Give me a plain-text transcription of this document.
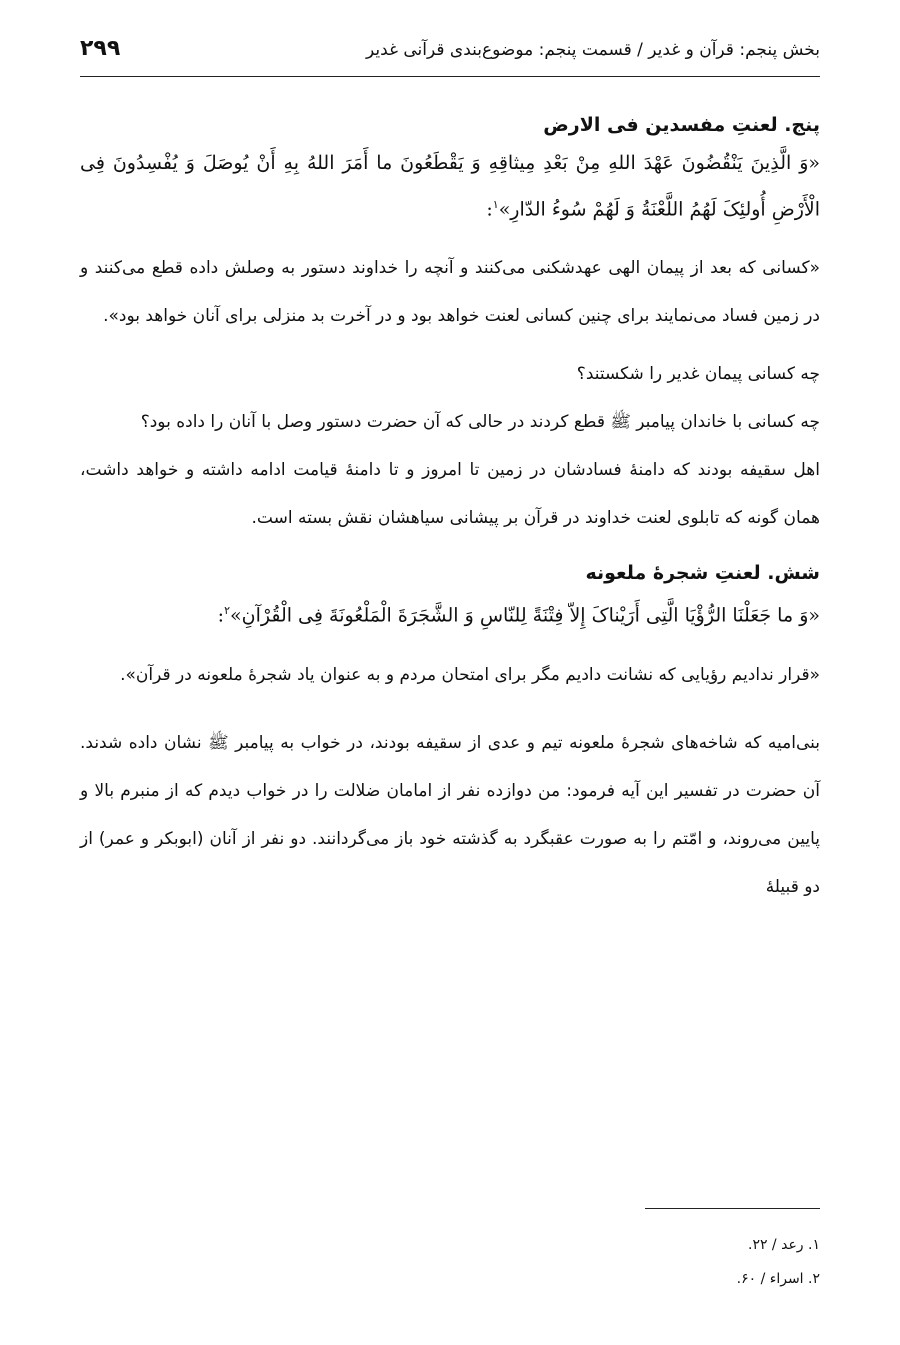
بخش پنجم: قرآن و غدیر / قسمت پنجم: موضوع‌بندی قرآنی غدیر
۲۹۹

پنج. لعنتِ مفسدین فی الارض

«وَ الَّذِینَ یَنْقُضُونَ عَهْدَ اللهِ مِنْ بَعْدِ مِیثاقِهِ وَ یَقْطَعُونَ ما أَمَرَ اللهُ بِهِ أَنْ یُوصَلَ وَ یُفْسِدُونَ فِی الْأَرْضِ أُولئِکَ لَهُمُ اللَّعْنَةُ وَ لَهُمْ سُوءُ الدّارِ»$^۱$:

«کسانی که بعد از پیمان الهی عهدشکنی می‌کنند و آنچه را خداوند دستور به وصلش داده قطع می‌کنند و در زمین فساد می‌نمایند برای چنین کسانی لعنت خواهد بود و در آخرت بد منزلی برای آنان خواهد بود».

چه کسانی پیمان غدیر را شکستند؟

چه کسانی با خاندان پیامبر ﷺ قطع کردند در حالی که آن حضرت دستور وصل با آنان را داده بود؟

اهل سقیفه بودند که دامنهٔ فسادشان در زمین تا امروز و تا دامنهٔ قیامت ادامه داشته و خواهد داشت، همان گونه که تابلوی لعنت خداوند در قرآن بر پیشانی سیاهشان نقش بسته است.

شش. لعنتِ شجرهٔ ملعونه

«وَ ما جَعَلْنَا الرُّؤْیَا الَّتِی أَرَیْناکَ إِلاّ فِتْنَةً لِلنّاسِ وَ الشَّجَرَةَ الْمَلْعُونَةَ فِی الْقُرْآنِ»$^۲$:

«قرار ندادیم رؤیایی که نشانت دادیم مگر برای امتحان مردم و به عنوان یاد شجرهٔ ملعونه در قرآن».

بنی‌امیه که شاخه‌های شجرهٔ ملعونه تیم و عدی از سقیفه بودند، در خواب به پیامبر ﷺ نشان داده شدند. آن حضرت در تفسیر این آیه فرمود: من دوازده نفر از امامان ضلالت را در خواب دیدم که از منبرم بالا و پایین می‌روند، و امّتم را به صورت عقبگرد به گذشته خود باز می‌گردانند. دو نفر از آنان (ابوبکر و عمر) از دو قبیلهٔ

۱. رعد / ۲۲.

۲. اسراء / ۶۰.
